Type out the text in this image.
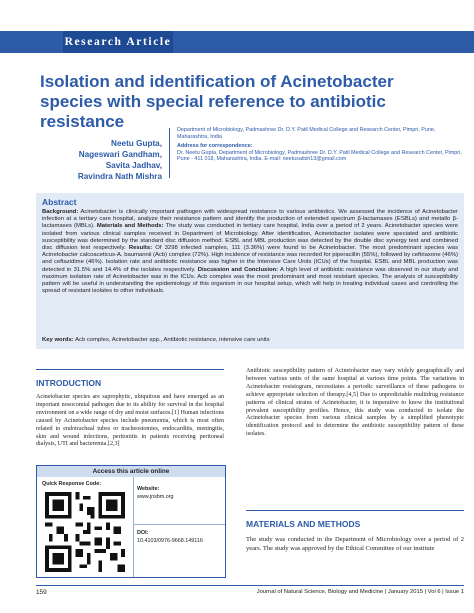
Research Article
Isolation and identification of Acinetobacter species with special reference to antibiotic resistance
Neetu Gupta,
Nageswari Gandham,
Savita Jadhav,
Ravindra Nath Mishra
Department of Microbiology, Padmashree Dr. D.Y. Patil Medical College and Research Center, Pimpri, Pune, Maharashtra, India
Address for correspondence:
Dr. Neetu Gupta, Department of Microbiology, Padmashree Dr. D.Y. Patil Medical College and Research Center, Pimpri, Pune - 411 018, Maharashtra, India. E-mail: neetusatish13@gmail.com
Abstract
Background: Acinetobacter is clinically important pathogen with widespread resistance to various antibiotics. We assessed the incidence of Acinetobacter infection at a tertiary care hospital, analyze their resistance pattern and identify the production of extended spectrum β-lactamases (ESBLs) and metallo β-lactamases (MBLs). Materials and Methods: The study was conducted in tertiary care hospital, India over a period of 2 years. Acinetobacter species were isolated from various clinical samples received in Department of Microbiology. After identification, Acinetobacter isolates were speciated and antibiotic susceptibility was determined by the standard disc diffusion method. ESBL and MBL production was detected by the double disc synergy test and combined disc diffusion test respectively. Results: Of 3298 infected samples, 111 (3.36%) were found to be Acinetobacter. The most predominant species was Acinetobacter calcoaceticus-A. baumannii (Acb) complex (72%). High incidence of resistance was recorded for piperacillin (55%), followed by ceftriaxone (46%) and ceftazidime (46%). Isolation rate and antibiotic resistance was higher in the Intensive Care Units (ICUs) of the hospital. ESBL and MBL production was detected in 31.5% and 14.4% of the isolates respectively. Discussion and Conclusion: A high level of antibiotic resistance was observed in our study and maximum isolation rate of Acinetobacter was in the ICUs. Acb complex was the most predominant and most resistant species. The analysis of susceptibility pattern will be useful in understanding the epidemiology of this organism in our hospital setup, which will help in treating individual cases and controlling the spread of resistant isolates to other individuals.
Key words: Acb complex, Acinetobacter spp., Antibiotic resistance, intensive care units
INTRODUCTION
Acinetobacter species are saprophytic, ubiquitous and have emerged as an important nosocomial pathogen due to its ability for survival in the hospital environment on a wide range of dry and moist surfaces.[1] Human infections caused by Acinetobacter species include pneumonia, which is most often related to endotracheal tubes or tracheostomies, endocarditis, meningitis, skin and wound infections, peritonitis in patients receiving peritoneal dialysis, UTI and bacteremia.[2,3]
Access this article online
Quick Response Code:
Website:
www.jnsbm.org
DOI:
10.4103/0976-9668.149116
Antibiotic susceptibility pattern of Acinetobacter may vary widely geographically and between various units of the same hospital at various time points. The variations in Acinetobacter resistogram, necessitates a periodic surveillance of these pathogens to achieve appropriate selection of therapy.[4,5] Due to unpredictable multidrug resistance patterns of clinical strains of Acinetobacter, it is imperative to know the institutional prevalent susceptibility profiles. Hence, this study was conducted to isolate the Acinetobacter species from various clinical samples by a simplified phenotypic identification protocol and to determine the antibiotic susceptibility pattern of these isolates.
MATERIALS AND METHODS
The study was conducted in the Department of Microbiology over a period of 2 years. The study was approved by the Ethical Committee of our institute
159	Journal of Natural Science, Biology and Medicine | January 2015 | Vol 6 | Issue 1
